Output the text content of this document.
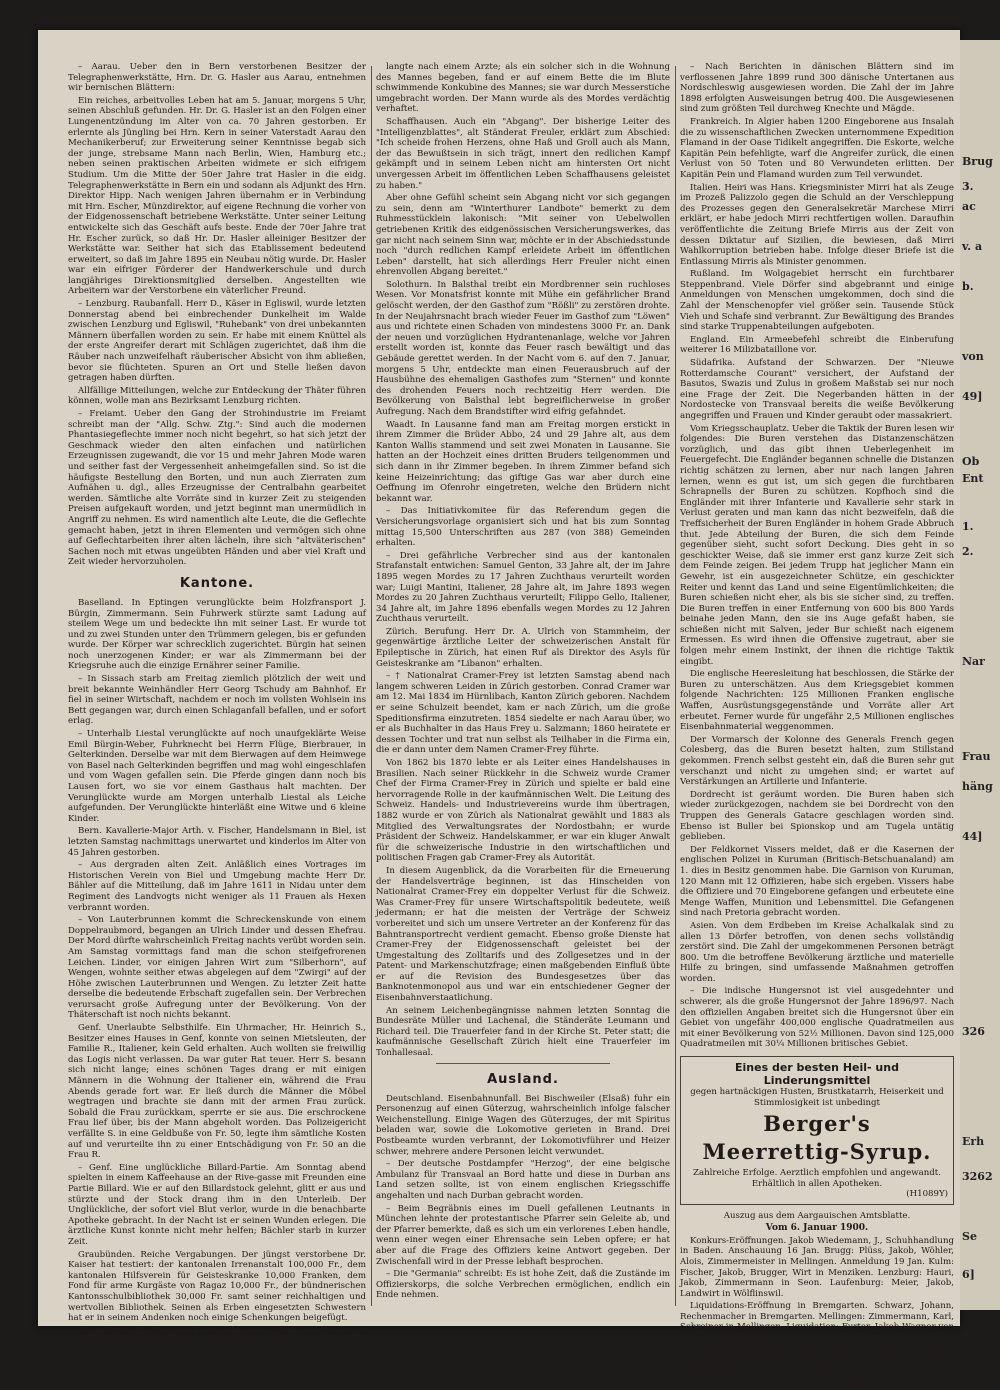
– Aarau. Ueber den in Bern verstorbenen Besitzer der Telegraphenwerkstätte, Hrn. Dr. G. Hasler aus Aarau, entnehmen wir bernischen Blättern:

Ein reiches, arbeitvolles Leben hat am 5. Januar, morgens 5 Uhr, seinen Abschluß gefunden. Hr. Dr. G. Hasler ist an den Folgen einer Lungenentzündung im Alter von ca. 70 Jahren gestorben. Er erlernte als Jüngling bei Hrn. Kern in seiner Vaterstadt Aarau den Mechanikerberuf; zur Erweiterung seiner Kenntnisse begab sich der junge, strebsame Mann nach Berlin, Wien, Hamburg etc.; neben seinen praktischen Arbeiten widmete er sich eifrigem Studium. Um die Mitte der 50er Jahre trat Hasler in die eidg. Telegraphenwerkstätte in Bern ein und sodann als Adjunkt des Hrn. Direktor Hipp. Nach wenigen Jahren übernahm er in Verbindung mit Hrn. Escher, Münzdirektor, auf eigene Rechnung die vorher von der Eidgenossenschaft betriebene Werkstätte. Unter seiner Leitung entwickelte sich das Geschäft aufs beste. Ende der 70er Jahre trat Hr. Escher zurück, so daß Hr. Dr. Hasler alleiniger Besitzer der Werkstätte war. Seither hat sich das Etablissement bedeutend erweitert, so daß im Jahre 1895 ein Neubau nötig wurde. Dr. Hasler war ein eifriger Förderer der Handwerkerschule und durch langjähriges Direktionsmitglied derselben. Angestellten wie Arbeitern war der Verstorbene ein väterlicher Freund.

– Lenzburg. Raubanfall. Herr D., Käser in Egliswil, wurde letzten Donnerstag abend bei einbrechender Dunkelheit im Walde zwischen Lenzburg und Egliswil, "Ruhebank" von drei unbekannten Männern überfallen worden zu sein. Er habe mit einem Knüttel als der erste Angreifer derart mit Schlägen zugerichtet, daß ihm die Räuber nach unzweifelhaft räuberischer Absicht von ihm abließen, bevor sie flüchteten. Spuren an Ort und Stelle ließen davon getragen haben dürften.

Allfällige Mitteilungen, welche zur Entdeckung der Thäter führen können, wolle man ans Bezirksamt Lenzburg richten.

– Freiamt. Ueber den Gang der Strohindustrie im Freiamt schreibt man der "Allg. Schw. Ztg.": Sind auch die modernen Phantasiegeflechte immer noch nicht begehrt, so hat sich jetzt der Geschmack wieder den alten einfachen und natürlichen Erzeugnissen zugewandt, die vor 15 und mehr Jahren Mode waren und seither fast der Vergessenheit anheimgefallen sind. So ist die häufigste Bestellung den Borten, und nun auch Zierraten zum Aufnähen u. dgl., alles Erzeugnisse der Centralbahn gearbeitet werden. Sämtliche alte Vorräte sind in kurzer Zeit zu steigenden Preisen aufgekauft worden, und jetzt beginnt man unermüdlich in Angriff zu nehmen. Es wird namentlich alte Leute, die die Geflechte gemacht haben, jetzt in ihren Elementen und vermögen sich ohne auf Geflechtarbeiten ihrer alten lächeln, ihre sich "altväterischen" Sachen noch mit etwas ungeübten Händen und aber viel Kraft und Zeit wieder hervorzuholen.

Kantone.

Baselland. In Eptingen verunglückte beim Holzfransport J. Bürgin, Zimmermann. Sein Fuhrwerk stürzte samt Ladung auf steilem Wege um und bedeckte ihn mit seiner Last. Er wurde tot und zu zwei Stunden unter den Trümmern gelegen, bis er gefunden wurde. Der Körper war schrecklich zugerichtet. Bürgin hat seinen noch unerzogenen Kinder; er war als Zimmermann bei der Kriegsruhe auch die einzige Ernährer seiner Familie.

– In Sissach starb am Freitag ziemlich plötzlich der weit und breit bekannte Weinhändler Herr Georg Tschudy am Bahnhof. Er fiel in seiner Wirtschaft, nachdem er noch im vollsten Wohlsein ins Bett gegangen war, durch einen Schlaganfall befallen, und er sofort erlag.

– Unterhalb Liestal verunglückte auf noch unaufgeklärte Weise Emil Bürgin-Weber, Fuhrknecht bei Herrn Flüge, Bierbrauer, in Gelterkinden. Derselbe war mit dem Bierwagen auf dem Heimwege von Basel nach Gelterkinden begriffen und mag wohl eingeschlafen und vom Wagen gefallen sein. Die Pferde gingen dann noch bis Lausen fort, wo sie vor einem Gasthaus halt machten. Der Verunglückte wurde am Morgen unterhalb Liestal als Leiche aufgefunden. Der Verunglückte hinterläßt eine Witwe und 6 kleine Kinder.

Bern. Kavallerie-Major Arth. v. Fischer, Handelsmann in Biel, ist letzten Samstag nachmittags unerwartet und kinderlos im Alter von 45 Jahren gestorben.

– Aus dergraden alten Zeit. Anläßlich eines Vortrages im Historischen Verein von Biel und Umgebung machte Herr Dr. Bähler auf die Mitteilung, daß im Jahre 1611 in Nidau unter dem Regiment des Landvogts nicht weniger als 11 Frauen als Hexen verbrannt worden.

– Von Lauterbrunnen kommt die Schreckenskunde von einem Doppelraubmord, begangen an Ulrich Linder und dessen Ehefrau. Der Mord dürfte wahrscheinlich Freitag nachts verübt worden sein. Am Samstag vormittags fand man die schon steifgefrorenen Leichen. Linder, vor einigen Jahren Wirt zum "Silberhorn", auf Wengen, wohnte seither etwas abgelegen auf dem "Zwirgi" auf der Höhe zwischen Lauterbrunnen und Wengen. Zu letzter Zeit hatte derselbe die bedeutende Erbschaft zugefallen sein. Der Verbrechen verursacht große Aufregung unter der Bevölkerung. Von der Thäterschaft ist noch nichts bekannt.

Genf. Unerlaubte Selbsthilfe. Ein Uhrmacher, Hr. Heinrich S., Besitzer eines Hauses in Genf, konnte von seinen Mietsleuten, der Familie R., Italiener, kein Geld erhalten. Auch wollten sie freiwillig das Logis nicht verlassen. Da war guter Rat teuer. Herr S. besann sich nicht lange; eines schönen Tages drang er mit einigen Männern in die Wohnung der Italiener ein, während die Frau Abends gerade fort war. Er ließ durch die Männer die Möbel wegtragen und brachte sie dann mit der armen Frau zurück. Sobald die Frau zurückkam, sperrte er sie aus. Die erschrockene Frau lief über, bis der Mann abgeholt worden. Das Polizeigericht verfällte S. in eine Geldbuße von Fr. 50, legte ihm sämtliche Kosten auf und verurteilte ihn zu einer Entschädigung von Fr. 50 an die Frau R.

– Genf. Eine unglückliche Billard-Partie. Am Sonntag abend spielten in einem Kaffeehause an der Rive-gasse mit Freunden eine Partie Billard. Wie er auf den Billardstock gelehnt, glitt er aus und stürzte und der Stock drang ihm in den Unterleib. Der Unglückliche, der sofort viel Blut verlor, wurde in die benachbarte Apotheke gebracht. In der Nacht ist er seinen Wunden erlegen. Die ärztliche Kunst konnte nicht mehr helfen; Bächler starb in kurzer Zeit.

Graubünden. Reiche Vergabungen. Der jüngst verstorbene Dr. Kaiser hat testiert: der kantonalen Irrenanstalt 100,000 Fr., dem kantonalen Hilfsverein für Geisteskranke 10,000 Franken, dem Fond für arme Kurgäste von Ragaz 10,000 Fr., der bündnerischen Kantonsschulbibliothek 30,000 Fr. samt seiner reichhaltigen und wertvollen Bibliothek. Seinen als Erben eingesetzten Schwestern hat er in seinem Andenken noch einige Schenkungen beigefügt.

Neuenburg. In Chaux-de-Fonds kam am 2. dies nachts gegen Mitternacht ein Mann auf den Polizeiposten und ver-

langte nach einem Arzte; als ein solcher sich in die Wohnung des Mannes begeben, fand er auf einem Bette die im Blute schwimmende Konkubine des Mannes; sie war durch Messerstiche umgebracht worden. Der Mann wurde als des Mordes verdächtig verhaftet.

Schaffhausen. Auch ein "Abgang". Der bisherige Leiter des "Intelligenzblattes", alt Ständerat Freuler, erklärt zum Abschied: "Ich scheide frohen Herzens, ohne Haß und Groll auch als Mann, der das Bewußtsein in sich trägt, innert den redlichen Kampf gekämpft und in seinem Leben nicht am hintersten Ort nicht unvergessen Arbeit im öffentlichen Leben Schaffhausens geleistet zu haben."

Aber ohne Gefühl scheint sein Abgang nicht vor sich gegangen zu sein, denn am "Winterthurer Landbote" bemerkt zu dem Ruhmesstücklein lakonisch: "Mit seiner von Uebelwollen getriebenen Kritik des eidgenössischen Versicherungswerkes, das gar nicht nach seinem Sinn war, möchte er in der Abschiedsstunde noch "durch redlichen Kampf erleidete Arbeit im öffentlichen Leben" darstellt, hat sich allerdings Herr Freuler nicht einen ehrenvollen Abgang bereitet."

Solothurn. In Balsthal treibt ein Mordbrenner sein ruchloses Wesen. Vor Monatsfrist konnte mit Mühe ein gefährlicher Brand gelöscht werden, der den Gasthof zum "Rößli" zu zerstören drohte. In der Neujahrsnacht brach wieder Feuer im Gasthof zum "Löwen" aus und richtete einen Schaden von mindestens 3000 Fr. an. Dank der neuen und vorzüglichen Hydrantenanlage, welche vor Jahren erstellt worden ist, konnte das Feuer rasch bewältigt und das Gebäude gerettet werden. In der Nacht vom 6. auf den 7. Januar, morgens 5 Uhr, entdeckte man einen Feuerausbruch auf der Hausbühne des ehemaligen Gasthofes zum "Sternen" und konnte des drohenden Feuers noch rechtzeitig Herr werden. Die Bevölkerung von Balsthal lebt begreiflicherweise in großer Aufregung. Nach dem Brandstifter wird eifrig gefahndet.

Waadt. In Lausanne fand man am Freitag morgen erstickt in ihrem Zimmer die Brüder Abbo, 24 und 29 Jahre alt, aus dem Kanton Wallis stammend und seit zwei Monaten in Lausanne. Sie hatten an der Hochzeit eines dritten Bruders teilgenommen und sich dann in ihr Zimmer begeben. In ihrem Zimmer befand sich keine Heizeinrichtung; das giftige Gas war aber durch eine Oeffnung im Ofenrohr eingetreten, welche den Brüdern nicht bekannt war.

– Das Initiativkomitee für das Referendum gegen die Versicherungsvorlage organisiert sich und hat bis zum Sonntag mittag 15,500 Unterschriften aus 287 (von 388) Gemeinden erhalten.

– Drei gefährliche Verbrecher sind aus der kantonalen Strafanstalt entwichen: Samuel Genton, 33 Jahre alt, der im Jahre 1895 wegen Mordes zu 17 Jahren Zuchthaus verurteilt worden war; Luigi Mantini, Italiener, 28 Jahre alt, im Jahre 1893 wegen Mordes zu 20 Jahren Zuchthaus verurteilt; Filippo Gello, Italiener, 34 Jahre alt, im Jahre 1896 ebenfalls wegen Mordes zu 12 Jahren Zuchthaus verurteilt.

Zürich. Berufung. Herr Dr. A. Ulrich von Stammheim, der gegenwärtige ärztliche Leiter der schweizerischen Anstalt für Epileptische in Zürich, hat einen Ruf als Direktor des Asyls für Geisteskranke am "Libanon" erhalten.

– † Nationalrat Cramer-Frey ist letzten Samstag abend nach langem schweren Leiden in Zürich gestorben. Conrad Cramer war am 12. Mai 1834 im Hürnlibach, Kanton Zürich geboren. Nachdem er seine Schulzeit beendet, kam er nach Zürich, um die große Speditionsfirma einzutreten. 1854 siedelte er nach Aarau über, wo er als Buchhalter in das Haus Frey u. Salzmann; 1860 heiratete er dessen Tochter und trat nun selbst als Teilhaber in die Firma ein, die er dann unter dem Namen Cramer-Frey führte.

Von 1862 bis 1870 lebte er als Leiter eines Handelshauses in Brasilien. Nach seiner Rückkehr in die Schweiz wurde Cramer Chef der Firma Cramer-Frey in Zürich und spielte er bald eine hervorragende Rolle in der kaufmännischen Welt. Die Leitung des Schweiz. Handels- und Industrievereins wurde ihm übertragen, 1882 wurde er von Zürich als Nationalrat gewählt und 1883 als Mitglied des Verwaltungsrates der Nordostbahn; er wurde Präsident der Schweiz. Handelskammer, er war ein kluger Anwalt für die schweizerische Industrie in den wirtschaftlichen und politischen Fragen gab Cramer-Frey als Autorität.

In diesem Augenblick, da die Vorarbeiten für die Erneuerung der Handelsverträge beginnen, ist das Hinscheiden von Nationalrat Cramer-Frey ein doppelter Verlust für die Schweiz. Was Cramer-Frey für unsere Wirtschaftspolitik bedeutete, weiß jedermann; er hat die meisten der Verträge der Schweiz vorbereitet und sich um unsere Vertreter an der Konferenz für das Bahntransportrecht verdient gemacht. Ebenso große Dienste hat Cramer-Frey der Eidgenossenschaft geleistet bei der Umgestaltung des Zolltarifs und des Zollgesetzes und in der Patent- und Markenschutzfrage; einen maßgebenden Einfluß übte er auf die Revision des Bundesgesetzes über das Banknotenmonopol aus und war ein entschiedener Gegner der Eisenbahnverstaatlichung.

An seinem Leichenbegängnisse nahmen letzten Sonntag die Bundesräte Müller und Lachenal, die Ständeräte Leumann und Richard teil. Die Trauerfeier fand in der Kirche St. Peter statt; die kaufmännische Gesellschaft Zürich hielt eine Trauerfeier im Tonhallesaal.

Ausland.

Deutschland. Eisenbahnunfall. Bei Bischweiler (Elsaß) fuhr ein Personenzug auf einen Güterzug, wahrscheinlich infolge falscher Weichenstellung. Einige Wagen des Güterzuges, der mit Spiritus beladen war, sowie die Lokomotive gerieten in Brand. Drei Postbeamte wurden verbrannt, der Lokomotivführer und Heizer schwer, mehrere andere Personen leicht verwundet.

– Der deutsche Postdampfer "Herzog", der eine belgische Ambulanz für Transvaal an Bord hatte und diese in Durban ans Land setzen sollte, ist von einem englischen Kriegsschiffe angehalten und nach Durban gebracht worden.

– Beim Begräbnis eines im Duell gefallenen Leutnants in München lehnte der protestantische Pfarrer sein Geleite ab, und der Pfarrer bemerkte, daß es sich um ein verlorenes Leben handle, wenn einer wegen einer Ehrensache sein Leben opfere; er hat aber auf die Frage des Offiziers keine Antwort gegeben. Der Zwischenfall wird in der Presse lebhaft besprochen.

– Die "Germania" schreibt: Es ist hohe Zeit, daß die Zustände im Offizierskorps, die solche Verbrechen ermöglichen, endlich ein Ende nehmen.

– Nach Berichten in dänischen Blättern sind im verflossenen Jahre 1899 rund 300 dänische Untertanen aus Nordschleswig ausgewiesen worden. Die Zahl der im Jahre 1898 erfolgten Ausweisungen betrug 400. Die Ausgewiesenen sind zum größten Teil durchweg Knechte und Mägde.

Frankreich. In Algier haben 1200 Eingeborene aus Insalah die zu wissenschaftlichen Zwecken unternommene Expedition Flamand in der Oase Tidikelt angegriffen. Die Eskorte, welche Kapitän Pein befehligte, warf die Angreifer zurück, die einen Verlust von 50 Toten und 80 Verwundeten erlitten. Der Kapitän Pein und Flamand wurden zum Teil verwundet.

Italien. Heiri was Hans. Kriegsminister Mirri hat als Zeuge im Prozeß Palizzolo gegen die Schuld an der Verschleppung des Prozesses gegen den Generalsekretär Marchese Mirri erklärt, er habe jedoch Mirri rechtfertigen wollen. Daraufhin veröffentlichte die Zeitung Briefe Mirris aus der Zeit von dessen Diktatur auf Sizilien, die bewiesen, daß Mirri Wahlkorruption betrieben habe. Infolge dieser Briefe ist die Entlassung Mirris als Minister genommen.

Rußland. Im Wolgagebiet herrscht ein furchtbarer Steppenbrand. Viele Dörfer sind abgebrannt und einige Anmeldungen von Menschen umgekommen, doch sind die Zahl der Menschenopfer viel größer sein. Tausende Stück Vieh und Schafe sind verbrannt. Zur Bewältigung des Brandes sind starke Truppenabteilungen aufgeboten.

England. Ein Armeebefehl schreibt die Einberufung weiterer 16 Milizbataillone vor.

Südafrika. Aufstand der Schwarzen. Der "Nieuwe Rotterdamsche Courant" versichert, der Aufstand der Basutos, Swazis und Zulus in großem Maßstab sei nur noch eine Frage der Zeit. Die Negerbanden hätten in der Nordostecke von Transvaal bereits die weiße Bevölkerung angegriffen und Frauen und Kinder geraubt oder massakriert.

Vom Kriegsschauplatz. Ueber die Taktik der Buren lesen wir folgendes: Die Buren verstehen das Distanzenschätzen vorzüglich, und das gibt ihnen Ueberlegenheit im Feuergefecht. Die Engländer begannen schnelle die Distanzen richtig schätzen zu lernen, aber nur nach langen Jahren lernen, wenn es gut ist, um sich gegen die furchtbaren Schrapnells der Buren zu schützen. Kopfhoch sind die Engländer mit ihrer Infanterie und Kavallerie sehr stark in Verlust geraten und man kann das nicht bezweifeln, daß die Treffsicherheit der Buren Engländer in hohem Grade Abbruch thut. Jede Abteilung der Buren, die sich dem Feinde gegenüber sieht, sucht sofort Deckung. Dies geht in so geschickter Weise, daß sie immer erst ganz kurze Zeit sich dem Feinde zeigen. Bei jedem Trupp hat jeglicher Mann ein Gewehr, ist ein ausgezeichneter Schütze, ein geschickter Reiter und kennt das Land und seine Eigentümlichkeiten; die Buren schießen nicht eher, als bis sie sicher sind, zu treffen. Die Buren treffen in einer Entfernung von 600 bis 800 Yards beinahe jeden Mann, den sie ins Auge gefaßt haben, sie schießen nicht mit Salven, jeder Bur schießt nach eigenem Ermessen. Es wird ihnen die Offensive zugetraut, aber sie folgen mehr einem Instinkt, der ihnen die richtige Taktik eingibt.

Die englische Heeresleitung hat beschlossen, die Stärke der Buren zu unterschätzen. Aus dem Kriegsgebiet kommen folgende Nachrichten: 125 Millionen Franken englische Waffen, Ausrüstungsgegenstände und Vorräte aller Art erbeutet. Ferner wurde für ungefähr 2,5 Millionen englisches Eisenbahnmaterial weggenommen.

Der Vormarsch der Kolonne des Generals French gegen Colesberg, das die Buren besetzt halten, zum Stillstand gekommen. French selbst gesteht ein, daß die Buren sehr gut verschanzt und nicht zu umgehen sind; er wartet auf Verstärkungen an Artillerie und Infanterie.

Dordrecht ist geräumt worden. Die Buren haben sich wieder zurückgezogen, nachdem sie bei Dordrecht von den Truppen des Generals Gatacre geschlagen worden sind. Ebenso ist Buller bei Spionskop und am Tugela untätig geblieben.

Der Feldkornet Vissers meldet, daß er die Kasernen der englischen Polizei in Kuruman (Britisch-Betschuanaland) am 1. dies in Besitz genommen habe. Die Garnison von Kuruman, 120 Mann mit 12 Offizieren, habe sich ergeben. Vissers habe die Offiziere und 70 Eingeborene gefangen und erbeutete eine Menge Waffen, Munition und Lebensmittel. Die Gefangenen sind nach Pretoria gebracht worden.

Asien. Von dem Erdbeben im Kreise Achalkalak sind zu allen 13 Dörfer betroffen, von denen sechs vollständig zerstört sind. Die Zahl der umgekommenen Personen beträgt 800. Um die betroffene Bevölkerung ärztliche und materielle Hilfe zu bringen, sind umfassende Maßnahmen getroffen worden.

– Die indische Hungersnot ist viel ausgedehnter und schwerer, als die große Hungersnot der Jahre 1896/97. Nach den offiziellen Angaben breitet sich die Hungersnot über ein Gebiet von ungefähr 400,000 englische Quadratmeilen aus mit einer Bevölkerung von 52½ Millionen. Davon sind 125,000 Quadratmeilen mit 30¼ Millionen britisches Gebiet.

Eines der besten Heil- und Linderungsmittel
gegen hartnäckigen Husten, Brustkatarrh, Heiserkeit und Stimmlosigkeit ist unbedingt
Berger's Meerrettig-Syrup.
Zahlreiche Erfolge. Aerztlich empfohlen und angewandt. Erhältlich in allen Apotheken.
(H1089Y)
Auszug aus dem Aargauischen Amtsblatte.
Vom 6. Januar 1900.

Konkurs-Eröffnungen. Jakob Wiedemann, J., Schuhhandlung in Baden. Anschauung 16 Jan. Brugg: Plüss, Jakob, Wöhler, Alois, Zimmermeister in Mellingen. Anmeldung 19 Jan. Kulm: Fischer, Jakob, Brugger, Wirt in Menziken. Lenzburg: Hauri, Jakob, Zimmermann in Seon. Laufenburg: Meier, Jakob, Landwirt in Wölflinswil.

Liquidations-Eröffnung in Bremgarten. Schwarz, Johann, Rechenmacher in Bremgarten. Mellingen: Zimmermann, Karl, Schreiner in Mellingen. Liquidation: Furter, Jakob Wagner von Fischbach, in Brugg. Schluß.

Fruchtlos Gepfändeter. Jurzo Kuhn, Otto Hüser von und in Suhr wohnhaft.

Vermögens- und Konkursbegehren. Jurzo. Dtto, von Elpingen, Leuggern, in Amerika. Eingaben 30. Januar.

Brug
3.
ac
v. a
b.
von
49]
Ob
Ent
1.
2.
Nar
Frau
häng
44]
326
Erh
3262
Se
6]
